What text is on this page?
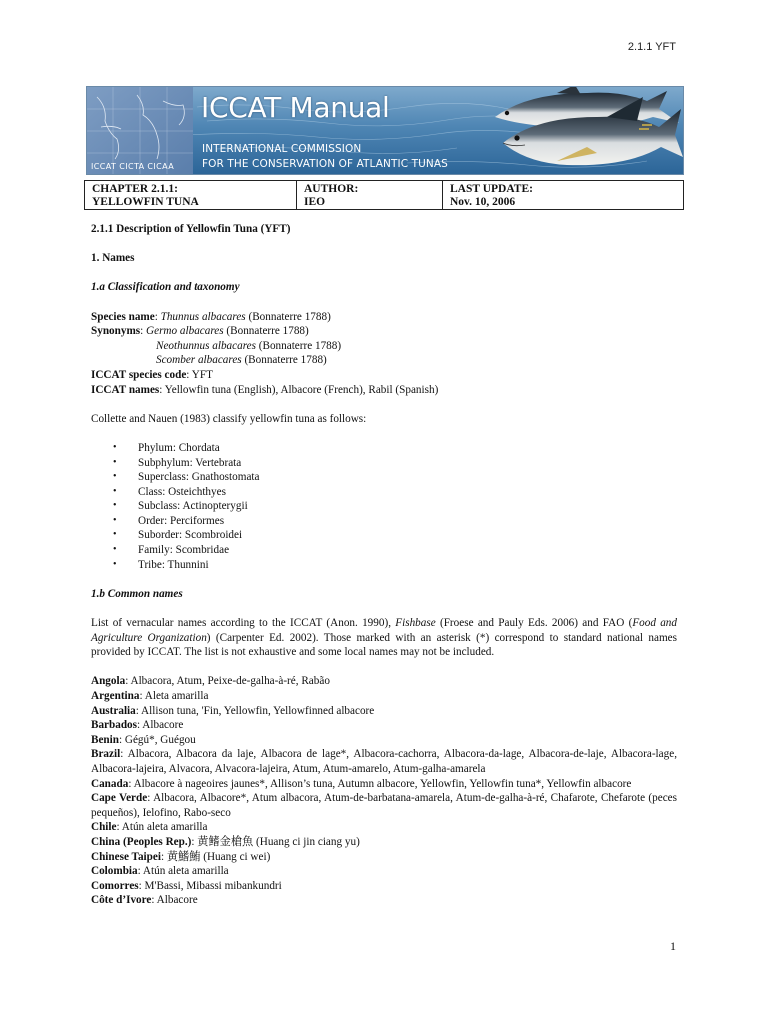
2.1.1 YFT
ICCAT Manual
INTERNATIONAL COMMISSION
FOR THE CONSERVATION OF ATLANTIC TUNAS
ICCAT CICTA CICAA
CHAPTER 2.1.1:
YELLOWFIN TUNA
AUTHOR:
IEO
LAST UPDATE:
Nov. 10, 2006

2.1.1 Description of Yellowfin Tuna (YFT)

1. Names

1.a Classification and taxonomy

Species name: Thunnus albacares (Bonnaterre 1788)

Synonyms: Germo albacares (Bonnaterre 1788)

Neothunnus albacares (Bonnaterre 1788)

Scomber albacares (Bonnaterre 1788)

ICCAT species code: YFT

ICCAT names: Yellowfin tuna (English), Albacore (French), Rabil (Spanish)

Collette and Nauen (1983) classify yellowfin tuna as follows:

• Phylum: Chordata
• Subphylum: Vertebrata
• Superclass: Gnathostomata
• Class: Osteichthyes
• Subclass: Actinopterygii
• Order: Perciformes
• Suborder: Scombroidei
• Family: Scombridae
• Tribe: Thunnini

1.b Common names

List of vernacular names according to the ICCAT (Anon. 1990), Fishbase (Froese and Pauly Eds. 2006) and FAO (Food and Agriculture Organization) (Carpenter Ed. 2002). Those marked with an asterisk (*) correspond to standard national names provided by ICCAT. The list is not exhaustive and some local names may not be included.

Angola: Albacora, Atum, Peixe-de-galha-à-ré, Rabão

Argentina: Aleta amarilla

Australia: Allison tuna, 'Fin, Yellowfin, Yellowfinned albacore

Barbados: Albacore

Benin: Gégú*, Guégou

Brazil: Albacora, Albacora da laje, Albacora de lage*, Albacora-cachorra, Albacora-da-lage, Albacora-de-laje, Albacora-lage, Albacora-lajeira, Alvacora, Alvacora-lajeira, Atum, Atum-amarelo, Atum-galha-amarela

Canada: Albacore à nageoires jaunes*, Allison’s tuna, Autumn albacore, Yellowfin, Yellowfin tuna*, Yellowfin albacore

Cape Verde: Albacora, Albacore*, Atum albacora, Atum-de-barbatana-amarela, Atum-de-galha-à-ré, Chafarote, Chefarote (peces pequeños), Ielofino, Rabo-seco

Chile: Atún aleta amarilla

China (Peoples Rep.): 黄鳍金槍魚 (Huang ci jin ciang yu)

Chinese Taipei: 黄鰭鮪 (Huang ci wei)

Colombia: Atún aleta amarilla

Comorres: M'Bassi, Mibassi mibankundri

Côte d’Ivore: Albacore

1
